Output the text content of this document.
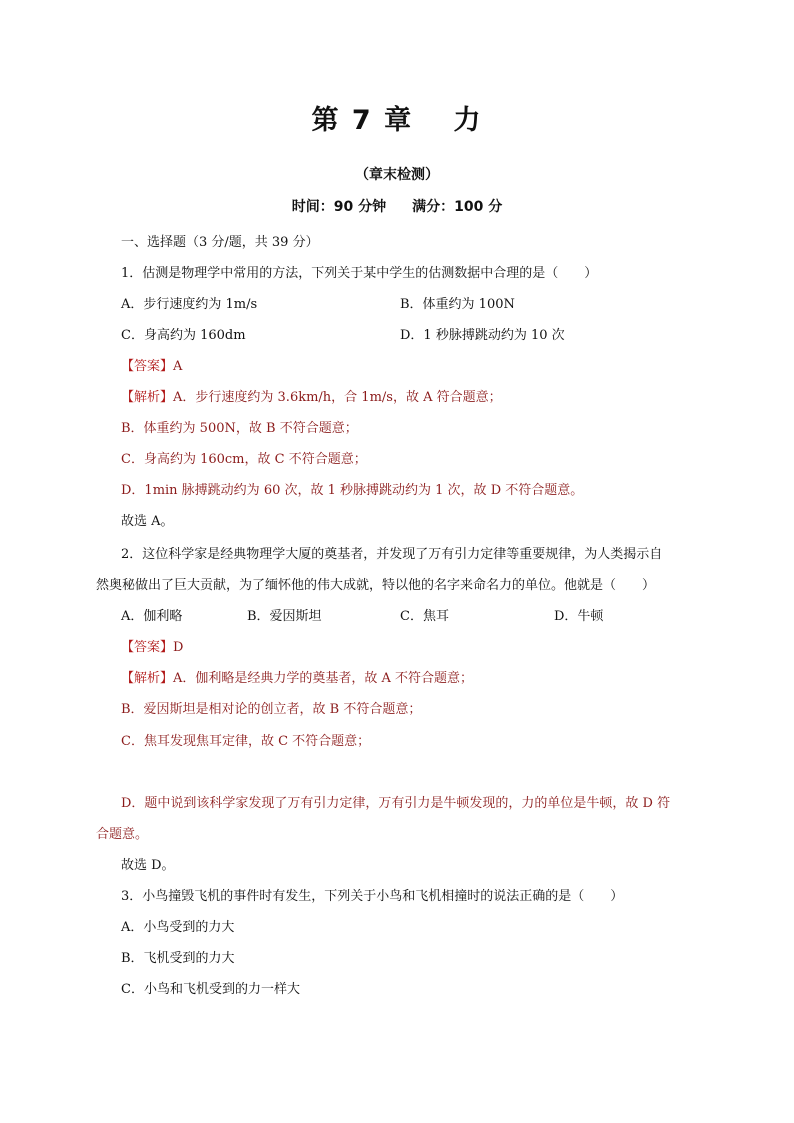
第 7 章　 力
（章末检测）
时间：90 分钟 满分：100 分
一、选择题（3 分/题，共 39 分）
1．估测是物理学中常用的方法，下列关于某中学生的估测数据中合理的是（　　）
A．步行速度约为 1m/s	B．体重约为 100N
C．身高约为 160dm	D．1 秒脉搏跳动约为 10 次
【答案】A
【解析】A．步行速度约为 3.6km/h，合 1m/s，故 A 符合题意；
B．体重约为 500N，故 B 不符合题意；
C．身高约为 160cm，故 C 不符合题意；
D．1min 脉搏跳动约为 60 次，故 1 秒脉搏跳动约为 1 次，故 D 不符合题意。
故选 A。
2．这位科学家是经典物理学大厦的奠基者，并发现了万有引力定律等重要规律，为人类揭示自
然奥秘做出了巨大贡献，为了缅怀他的伟大成就，特以他的名字来命名力的单位。他就是（　　）
A．伽利略	B．爱因斯坦	C．焦耳	D．牛顿
【答案】D
【解析】A．伽利略是经典力学的奠基者，故 A 不符合题意；
B．爱因斯坦是相对论的创立者，故 B 不符合题意；
C．焦耳发现焦耳定律，故 C 不符合题意；
D．题中说到该科学家发现了万有引力定律，万有引力是牛顿发现的，力的单位是牛顿，故 D 符
合题意。
故选 D。
3．小鸟撞毁飞机的事件时有发生，下列关于小鸟和飞机相撞时的说法正确的是（　　）
A．小鸟受到的力大
B．飞机受到的力大
C．小鸟和飞机受到的力一样大
